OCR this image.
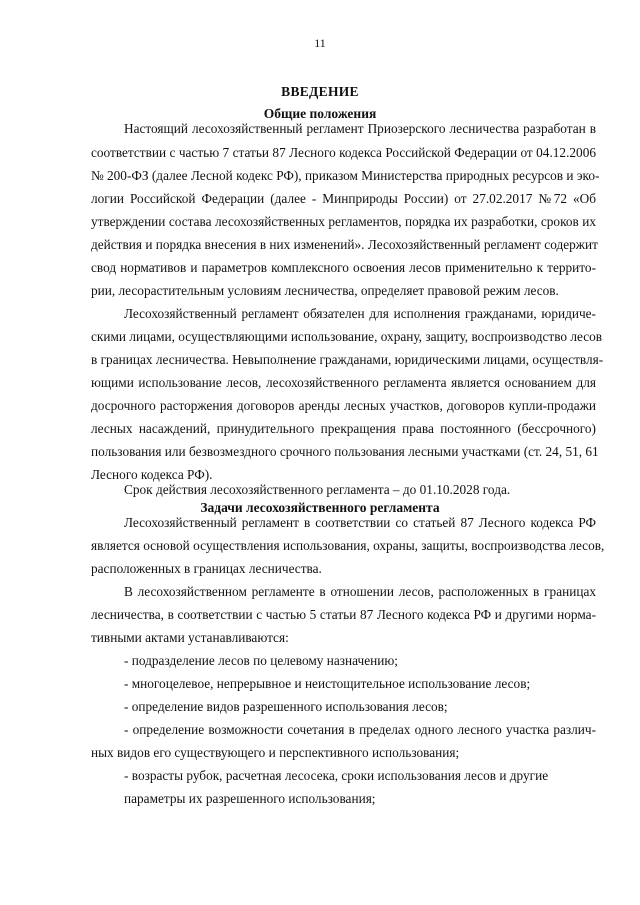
11
ВВЕДЕНИЕ
Общие положения
Настоящий лесохозяйственный регламент Приозерского лесничества разработан в
соответствии с частью 7 статьи 87 Лесного кодекса Российской Федерации от 04.12.2006
№ 200-ФЗ (далее Лесной кодекс РФ), приказом Министерства природных ресурсов и эко-
логии Российской Федерации (далее - Минприроды России) от 27.02.2017 №72 «Об
утверждении состава лесохозяйственных регламентов, порядка их разработки, сроков их
действия и порядка внесения в них изменений». Лесохозяйственный регламент содержит
свод нормативов и параметров комплексного освоения лесов применительно к террито-
рии, лесорастительным условиям лесничества, определяет правовой режим лесов.
Лесохозяйственный регламент обязателен для исполнения гражданами, юридиче-
скими лицами, осуществляющими использование, охрану, защиту, воспроизводство лесов
в границах лесничества. Невыполнение гражданами, юридическими лицами, осуществля-
ющими использование лесов, лесохозяйственного регламента является основанием для
досрочного расторжения договоров аренды лесных участков, договоров купли-продажи
лесных насаждений, принудительного прекращения права постоянного (бессрочного)
пользования или безвозмездного срочного пользования лесными участками (ст. 24, 51, 61
Лесного кодекса РФ).
Срок действия лесохозяйственного регламента – до 01.10.2028 года.
Задачи лесохозяйственного регламента
Лесохозяйственный регламент в соответствии со статьей 87 Лесного кодекса РФ
является основой осуществления использования, охраны, защиты, воспроизводства лесов,
расположенных в границах лесничества.
В лесохозяйственном регламенте в отношении лесов, расположенных в границах
лесничества, в соответствии с частью 5 статьи 87 Лесного кодекса РФ и другими норма-
тивными актами устанавливаются:
- подразделение лесов по целевому назначению;
- многоцелевое, непрерывное и неистощительное использование лесов;
- определение видов разрешенного использования лесов;
- определение возможности сочетания в пределах одного лесного участка различ-
ных видов его существующего и перспективного использования;
- возрасты рубок, расчетная лесосека, сроки использования лесов и другие
параметры их разрешенного использования;
